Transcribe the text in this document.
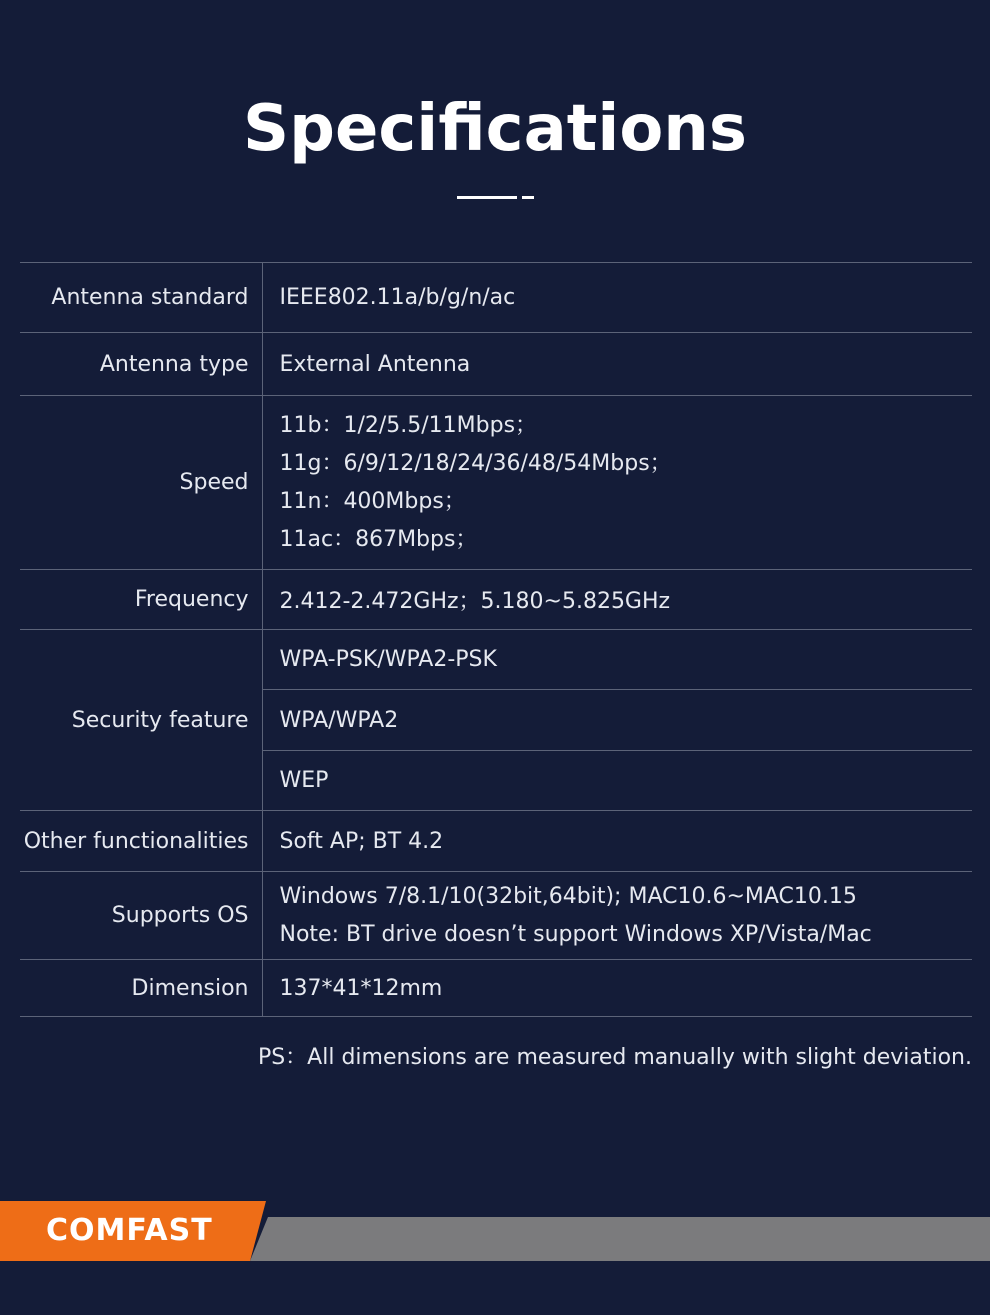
Specifications
Antenna standard	IEEE802.11a/b/g/n/ac
Antenna type	External Antenna
Speed	11b：1/2/5.5/11Mbps；
11g：6/9/12/18/24/36/48/54Mbps；
11n：400Mbps；
11ac：867Mbps；

Frequency	2.412-2.472GHz；5.180~5.825GHz
Security feature	WPA-PSK/WPA2-PSK
	WPA/WPA2
	WEP
Other functionalities	Soft AP; BT 4.2
Supports OS	Windows 7/8.1/10(32bit,64bit); MAC10.6~MAC10.15
Note: BT drive doesn’t support Windows XP/Vista/Mac

Dimension	137*41*12mm
PS：All dimensions are measured manually with slight deviation.
COMFAST
